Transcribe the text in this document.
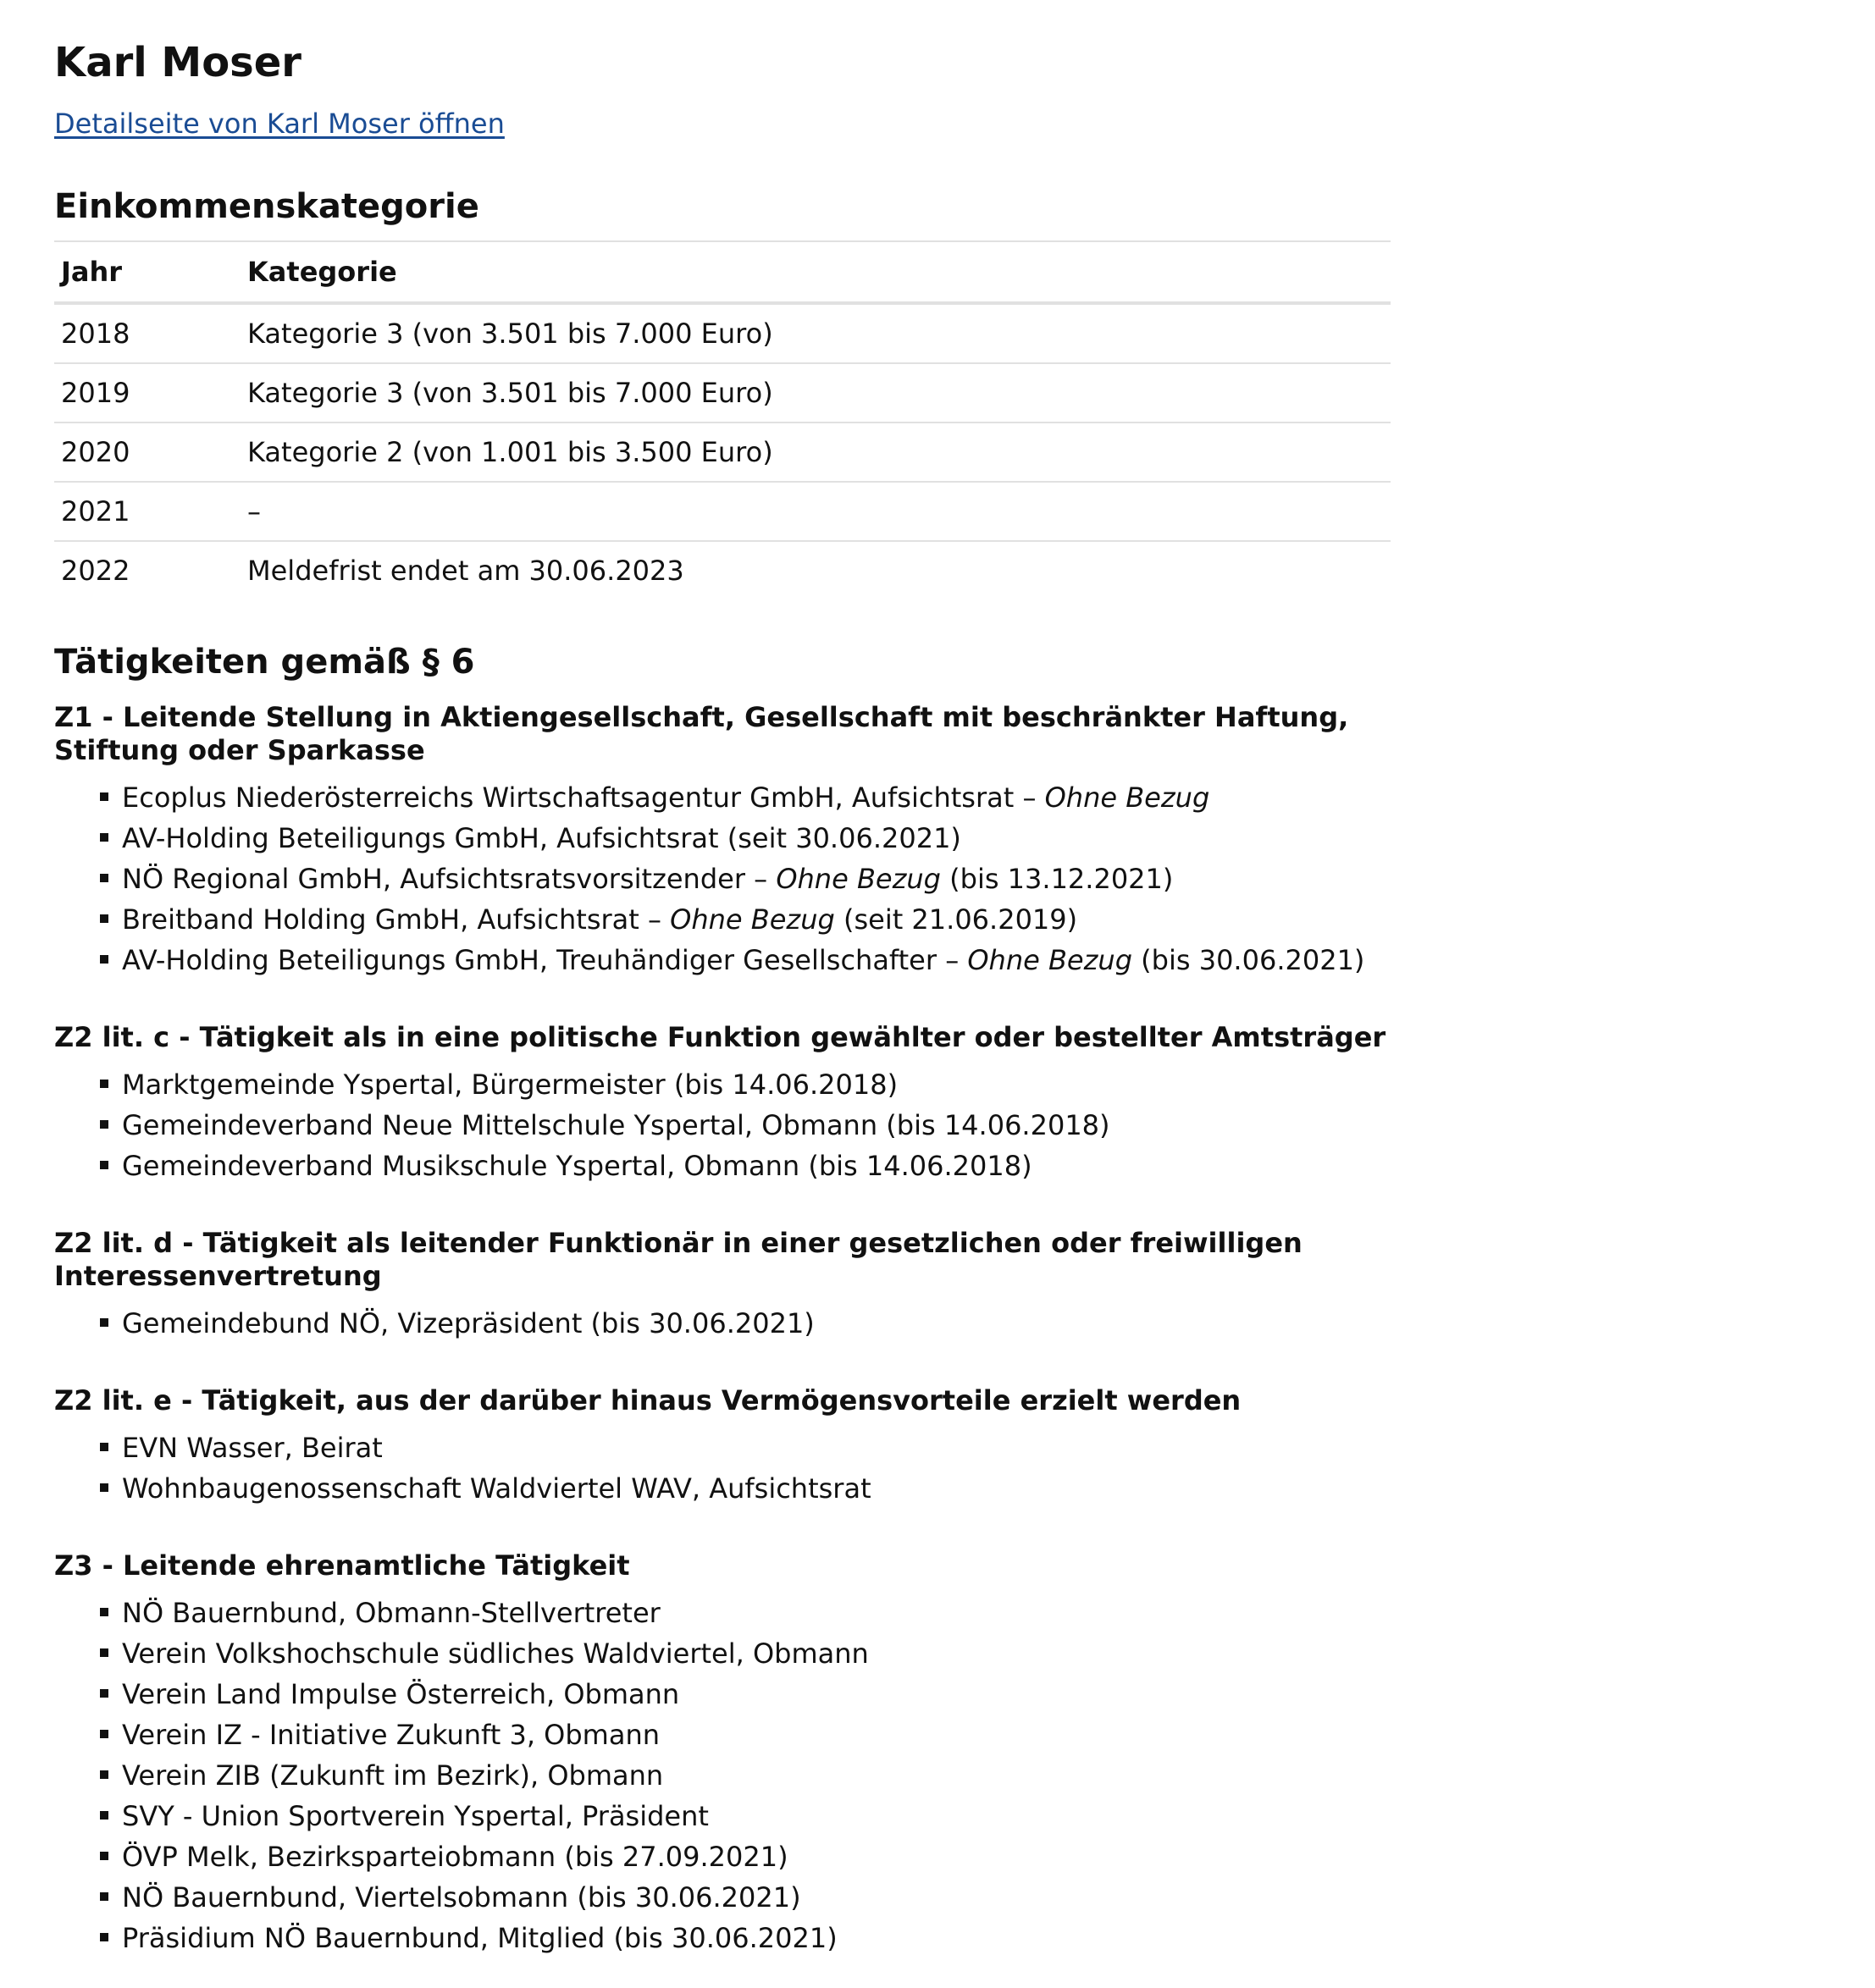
Karl Moser
Detailseite von Karl Moser öffnen
Einkommenskategorie
Jahr	Kategorie
2018	Kategorie 3 (von 3.501 bis 7.000 Euro)
2019	Kategorie 3 (von 3.501 bis 7.000 Euro)
2020	Kategorie 2 (von 1.001 bis 3.500 Euro)
2021	–
2022	Meldefrist endet am 30.06.2023
Tätigkeiten gemäß § 6
Z1 - Leitende Stellung in Aktiengesellschaft, Gesellschaft mit beschränkter Haftung, Stiftung oder Sparkasse
Ecoplus Niederösterreichs Wirtschaftsagentur GmbH, Aufsichtsrat – Ohne Bezug
AV-Holding Beteiligungs GmbH, Aufsichtsrat (seit 30.06.2021)
NÖ Regional GmbH, Aufsichtsratsvorsitzender – Ohne Bezug (bis 13.12.2021)
Breitband Holding GmbH, Aufsichtsrat – Ohne Bezug (seit 21.06.2019)
AV-Holding Beteiligungs GmbH, Treuhändiger Gesellschafter – Ohne Bezug (bis 30.06.2021)
Z2 lit. c - Tätigkeit als in eine politische Funktion gewählter oder bestellter Amtsträger
Marktgemeinde Yspertal, Bürgermeister (bis 14.06.2018)
Gemeindeverband Neue Mittelschule Yspertal, Obmann (bis 14.06.2018)
Gemeindeverband Musikschule Yspertal, Obmann (bis 14.06.2018)
Z2 lit. d - Tätigkeit als leitender Funktionär in einer gesetzlichen oder freiwilligen Interessenvertretung
Gemeindebund NÖ, Vizepräsident (bis 30.06.2021)
Z2 lit. e - Tätigkeit, aus der darüber hinaus Vermögensvorteile erzielt werden
EVN Wasser, Beirat
Wohnbaugenossenschaft Waldviertel WAV, Aufsichtsrat
Z3 - Leitende ehrenamtliche Tätigkeit
NÖ Bauernbund, Obmann-Stellvertreter
Verein Volkshochschule südliches Waldviertel, Obmann
Verein Land Impulse Österreich, Obmann
Verein IZ - Initiative Zukunft 3, Obmann
Verein ZIB (Zukunft im Bezirk), Obmann
SVY - Union Sportverein Yspertal, Präsident
ÖVP Melk, Bezirksparteiobmann (bis 27.09.2021)
NÖ Bauernbund, Viertelsobmann (bis 30.06.2021)
Präsidium NÖ Bauernbund, Mitglied (bis 30.06.2021)
